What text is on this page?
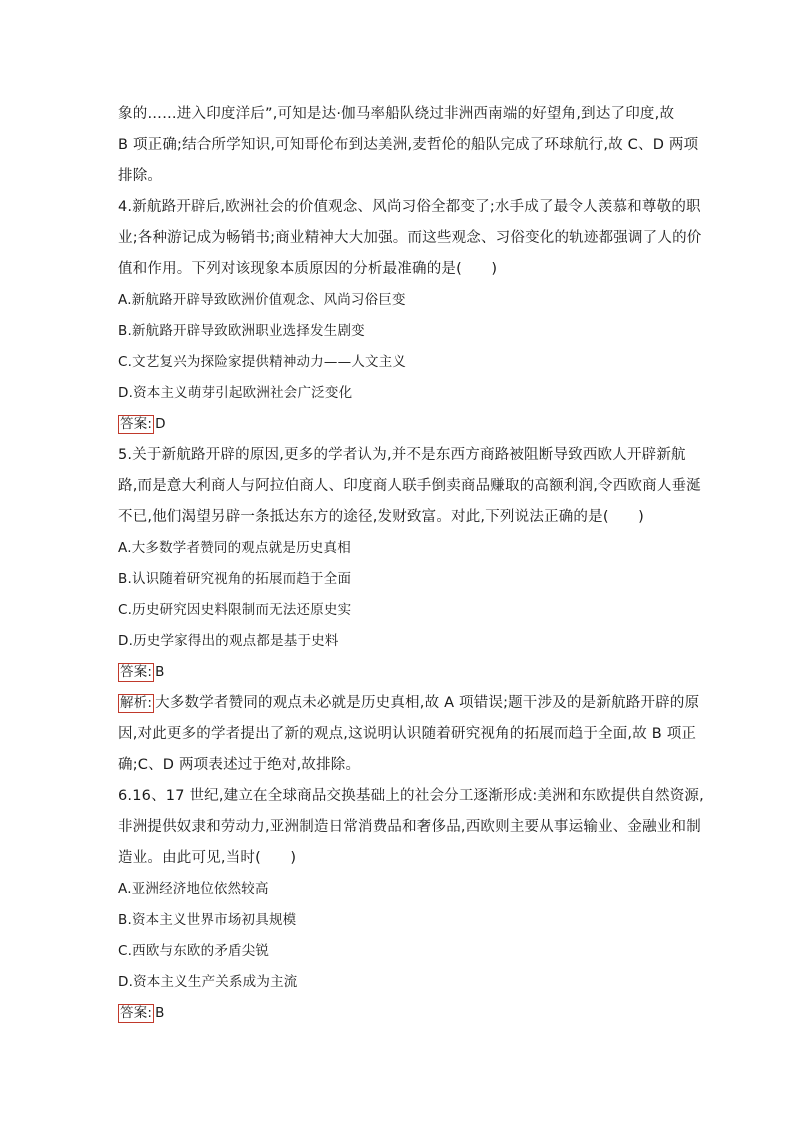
象的……进入印度洋后”,可知是达·伽马率船队绕过非洲西南端的好望角,到达了印度,故
B 项正确;结合所学知识,可知哥伦布到达美洲,麦哲伦的船队完成了环球航行,故 C、D 两项
排除。
4.新航路开辟后,欧洲社会的价值观念、风尚习俗全都变了;水手成了最令人羡慕和尊敬的职
业;各种游记成为畅销书;商业精神大大加强。而这些观念、习俗变化的轨迹都强调了人的价
值和作用。下列对该现象本质原因的分析最准确的是(　　)
A.新航路开辟导致欧洲价值观念、风尚习俗巨变
B.新航路开辟导致欧洲职业选择发生剧变
C.文艺复兴为探险家提供精神动力——人文主义
D.资本主义萌芽引起欧洲社会广泛变化
答案: D
5.关于新航路开辟的原因,更多的学者认为,并不是东西方商路被阻断导致西欧人开辟新航
路,而是意大利商人与阿拉伯商人、印度商人联手倒卖商品赚取的高额利润,令西欧商人垂涎
不已,他们渴望另辟一条抵达东方的途径,发财致富。对此,下列说法正确的是(　　)
A.大多数学者赞同的观点就是历史真相
B.认识随着研究视角的拓展而趋于全面
C.历史研究因史料限制而无法还原史实
D.历史学家得出的观点都是基于史料
答案: B
解析: 大多数学者赞同的观点未必就是历史真相,故 A 项错误;题干涉及的是新航路开辟的原
因,对此更多的学者提出了新的观点,这说明认识随着研究视角的拓展而趋于全面,故 B 项正
确;C、D 两项表述过于绝对,故排除。
6.16、17 世纪,建立在全球商品交换基础上的社会分工逐渐形成:美洲和东欧提供自然资源,
非洲提供奴隶和劳动力,亚洲制造日常消费品和奢侈品,西欧则主要从事运输业、金融业和制
造业。由此可见,当时(　　)
A.亚洲经济地位依然较高
B.资本主义世界市场初具规模
C.西欧与东欧的矛盾尖锐
D.资本主义生产关系成为主流
答案: B
